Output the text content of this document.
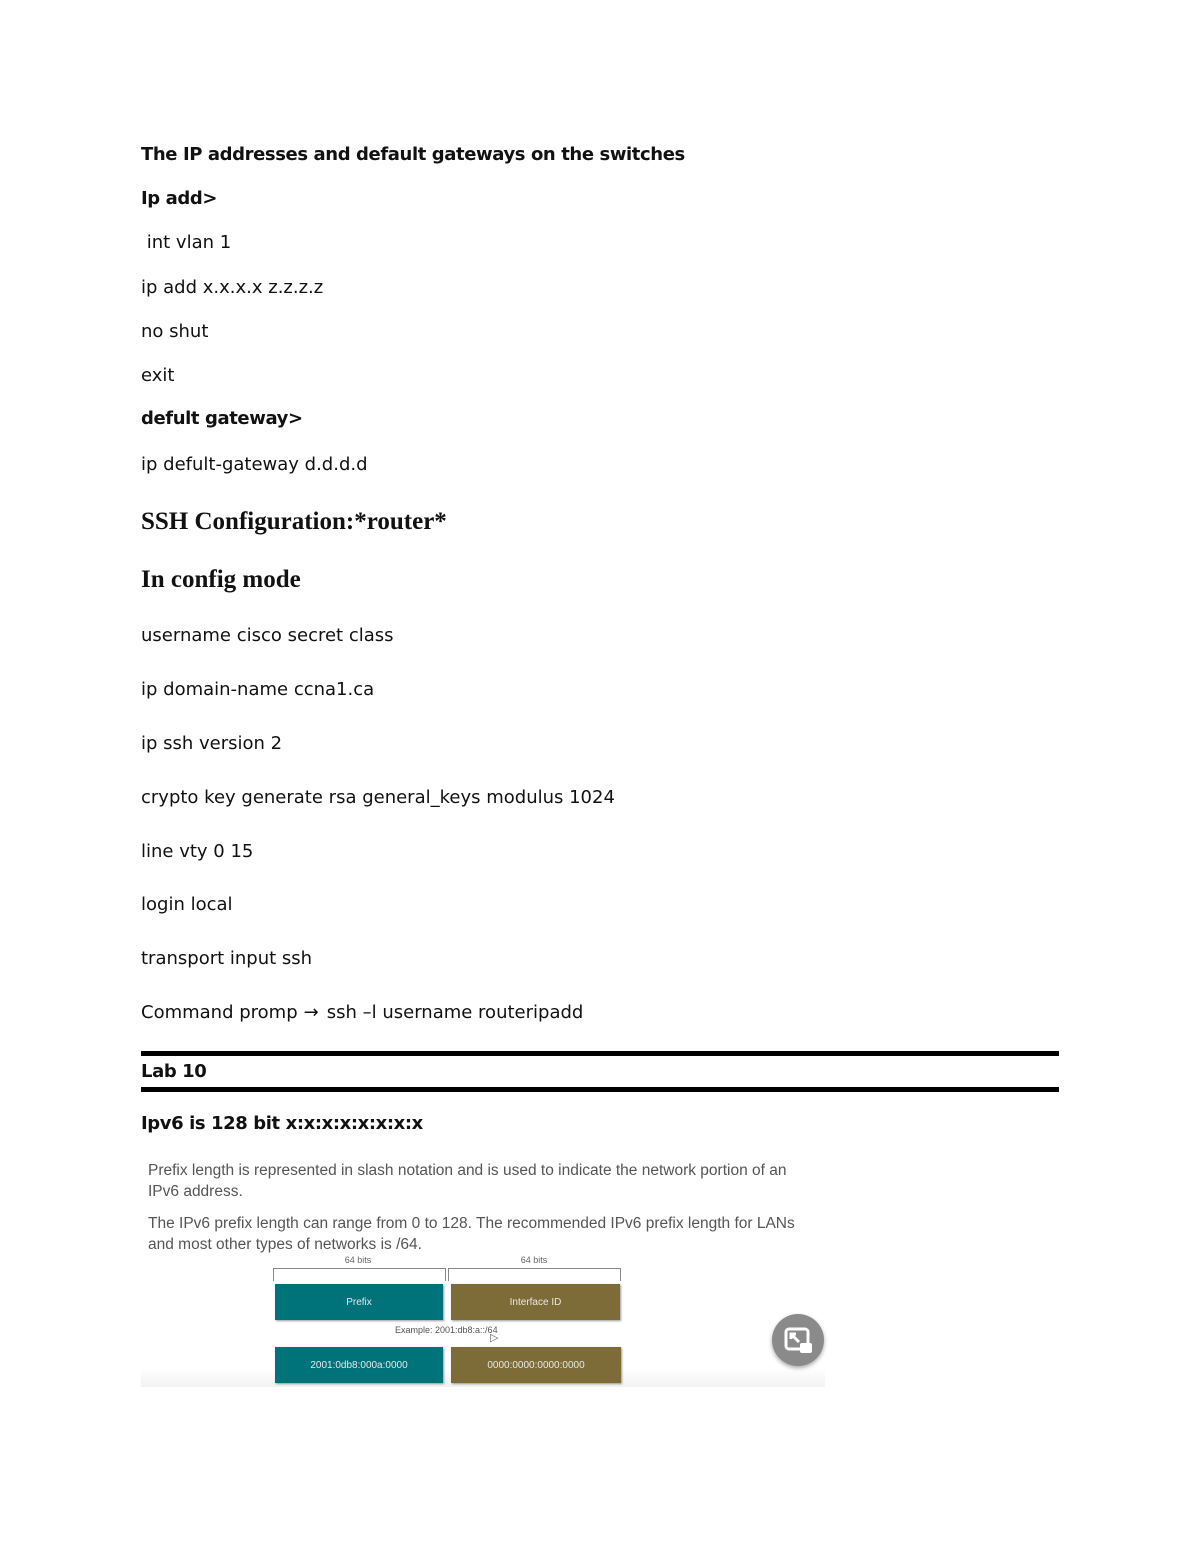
The IP addresses and default gateways on the switches
Ip add>
int vlan 1
ip add x.x.x.x z.z.z.z
no shut
exit
defult gateway>
ip defult-gateway d.d.d.d
SSH Configuration:*router*
In config mode
username cisco secret class
ip domain-name ccna1.ca
ip ssh version 2
crypto key generate rsa general_keys modulus 1024
line vty 0 15
login local
transport input ssh
Command promp → ssh –l username routeripadd
Lab 10
Ipv6 is 128 bit x:x:x:x:x:x:x:x
Prefix length is represented in slash notation and is used to indicate the network portion of an IPv6 address.
The IPv6 prefix length can range from 0 to 128. The recommended IPv6 prefix length for LANs and most other types of networks is /64.
64 bits	64 bits
Prefix	Interface ID
Example: 2001:db8:a::/64
▷
2001:0db8:000a:0000	0000:0000:0000:0000
